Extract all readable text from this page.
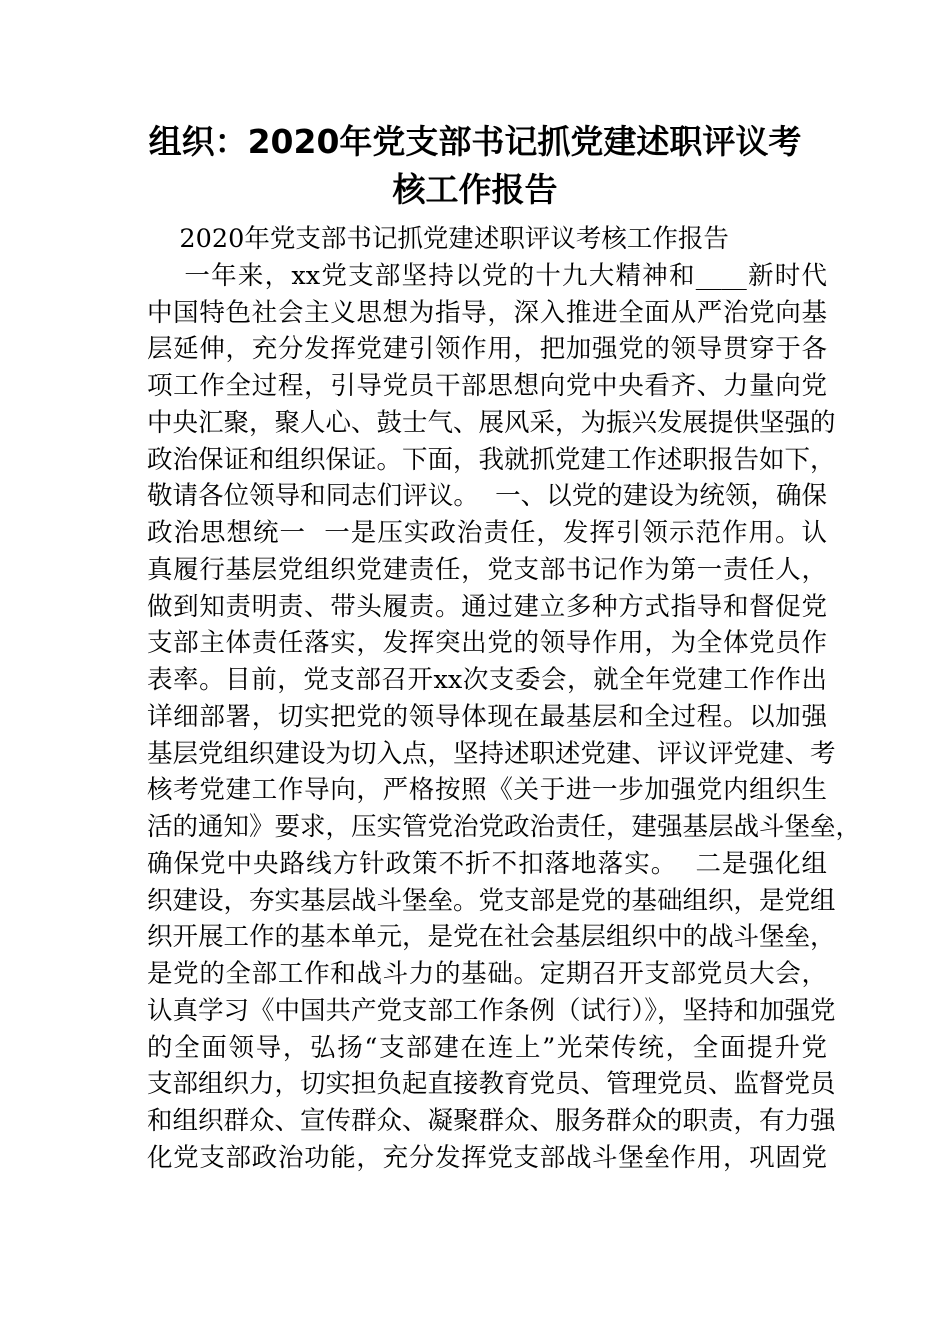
组织：2020年党支部书记抓党建述职评议考
核工作报告
2020年党支部书记抓党建述职评议考核工作报告
一年来，xx党支部坚持以党的十九大精神和____新时代
中国特色社会主义思想为指导，深入推进全面从严治党向基
层延伸，充分发挥党建引领作用，把加强党的领导贯穿于各
项工作全过程，引导党员干部思想向党中央看齐、力量向党
中央汇聚，聚人心、鼓士气、展风采，为振兴发展提供坚强的
政治保证和组织保证。下面，我就抓党建工作述职报告如下，
敬请各位领导和同志们评议。  一、以党的建设为统领，确保
政治思想统一  一是压实政治责任，发挥引领示范作用。认
真履行基层党组织党建责任，党支部书记作为第一责任人，
做到知责明责、带头履责。通过建立多种方式指导和督促党
支部主体责任落实，发挥突出党的领导作用，为全体党员作
表率。目前，党支部召开xx次支委会，就全年党建工作作出
详细部署，切实把党的领导体现在最基层和全过程。以加强
基层党组织建设为切入点，坚持述职述党建、评议评党建、考
核考党建工作导向，严格按照《关于进一步加强党内组织生
活的通知》要求，压实管党治党政治责任，建强基层战斗堡垒，
确保党中央路线方针政策不折不扣落地落实。  二是强化组
织建设，夯实基层战斗堡垒。党支部是党的基础组织，是党组
织开展工作的基本单元，是党在社会基层组织中的战斗堡垒，
是党的全部工作和战斗力的基础。定期召开支部党员大会，
认真学习《中国共产党支部工作条例（试行）》，坚持和加强党
的全面领导，弘扬“支部建在连上”光荣传统，全面提升党
支部组织力，切实担负起直接教育党员、管理党员、监督党员
和组织群众、宣传群众、凝聚群众、服务群众的职责，有力强
化党支部政治功能，充分发挥党支部战斗堡垒作用，巩固党
